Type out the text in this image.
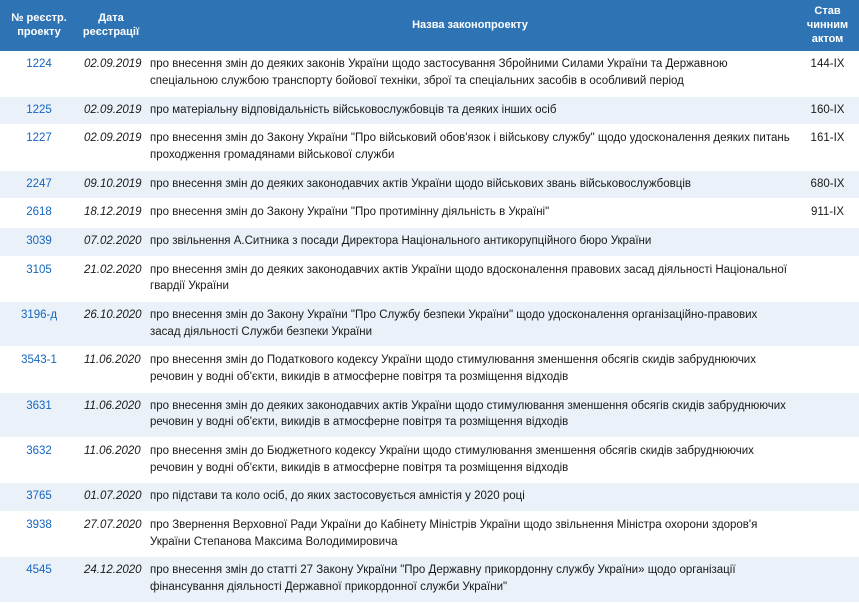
№ реєстр. проекту	Дата реєстрації	Назва законопроекту	Став чинним актом
1224	02.09.2019	про внесення змін до деяких законів України щодо застосування Збройними Силами України та Державною спеціальною службою транспорту бойової техніки, зброї та спеціальних засобів в особливий період	144-IX
1225	02.09.2019	про матеріальну відповідальність військовослужбовців та деяких інших осіб	160-IX
1227	02.09.2019	про внесення змін до Закону України "Про військовий обов'язок і військову службу" щодо удосконалення деяких питань проходження громадянами військової служби	161-IX
2247	09.10.2019	про внесення змін до деяких законодавчих актів України щодо військових звань військовослужбовців	680-IX
2618	18.12.2019	про внесення змін до Закону України "Про протимінну діяльність в Україні"	911-IX
3039	07.02.2020	про звільнення А.Ситника з посади Директора Національного антикорупційного бюро України	
3105	21.02.2020	про внесення змін до деяких законодавчих актів України щодо вдосконалення правових засад діяльності Національної гвардії України	
3196-д	26.10.2020	про внесення змін до Закону України "Про Службу безпеки України" щодо удосконалення організаційно-правових засад діяльності Служби безпеки України	
3543-1	11.06.2020	про внесення змін до Податкового кодексу України щодо стимулювання зменшення обсягів скидів забруднюючих речовин у водні об'єкти, викидів в атмосферне повітря та розміщення відходів	
3631	11.06.2020	про внесення змін до деяких законодавчих актів України щодо стимулювання зменшення обсягів скидів забруднюючих речовин у водні об'єкти, викидів в атмосферне повітря та розміщення відходів	
3632	11.06.2020	про внесення змін до Бюджетного кодексу України щодо стимулювання зменшення обсягів скидів забруднюючих речовин у водні об'єкти, викидів в атмосферне повітря та розміщення відходів	
3765	01.07.2020	про підстави та коло осіб, до яких застосовується амністія у 2020 році	
3938	27.07.2020	про Звернення Верховної Ради України до Кабінету Міністрів України щодо звільнення Міністра охорони здоров'я України Степанова Максима Володимировича	
4545	24.12.2020	про внесення змін до статті 27 Закону України "Про Державну прикордонну службу України» щодо організації фінансування діяльності Державної прикордонної служби України"	
